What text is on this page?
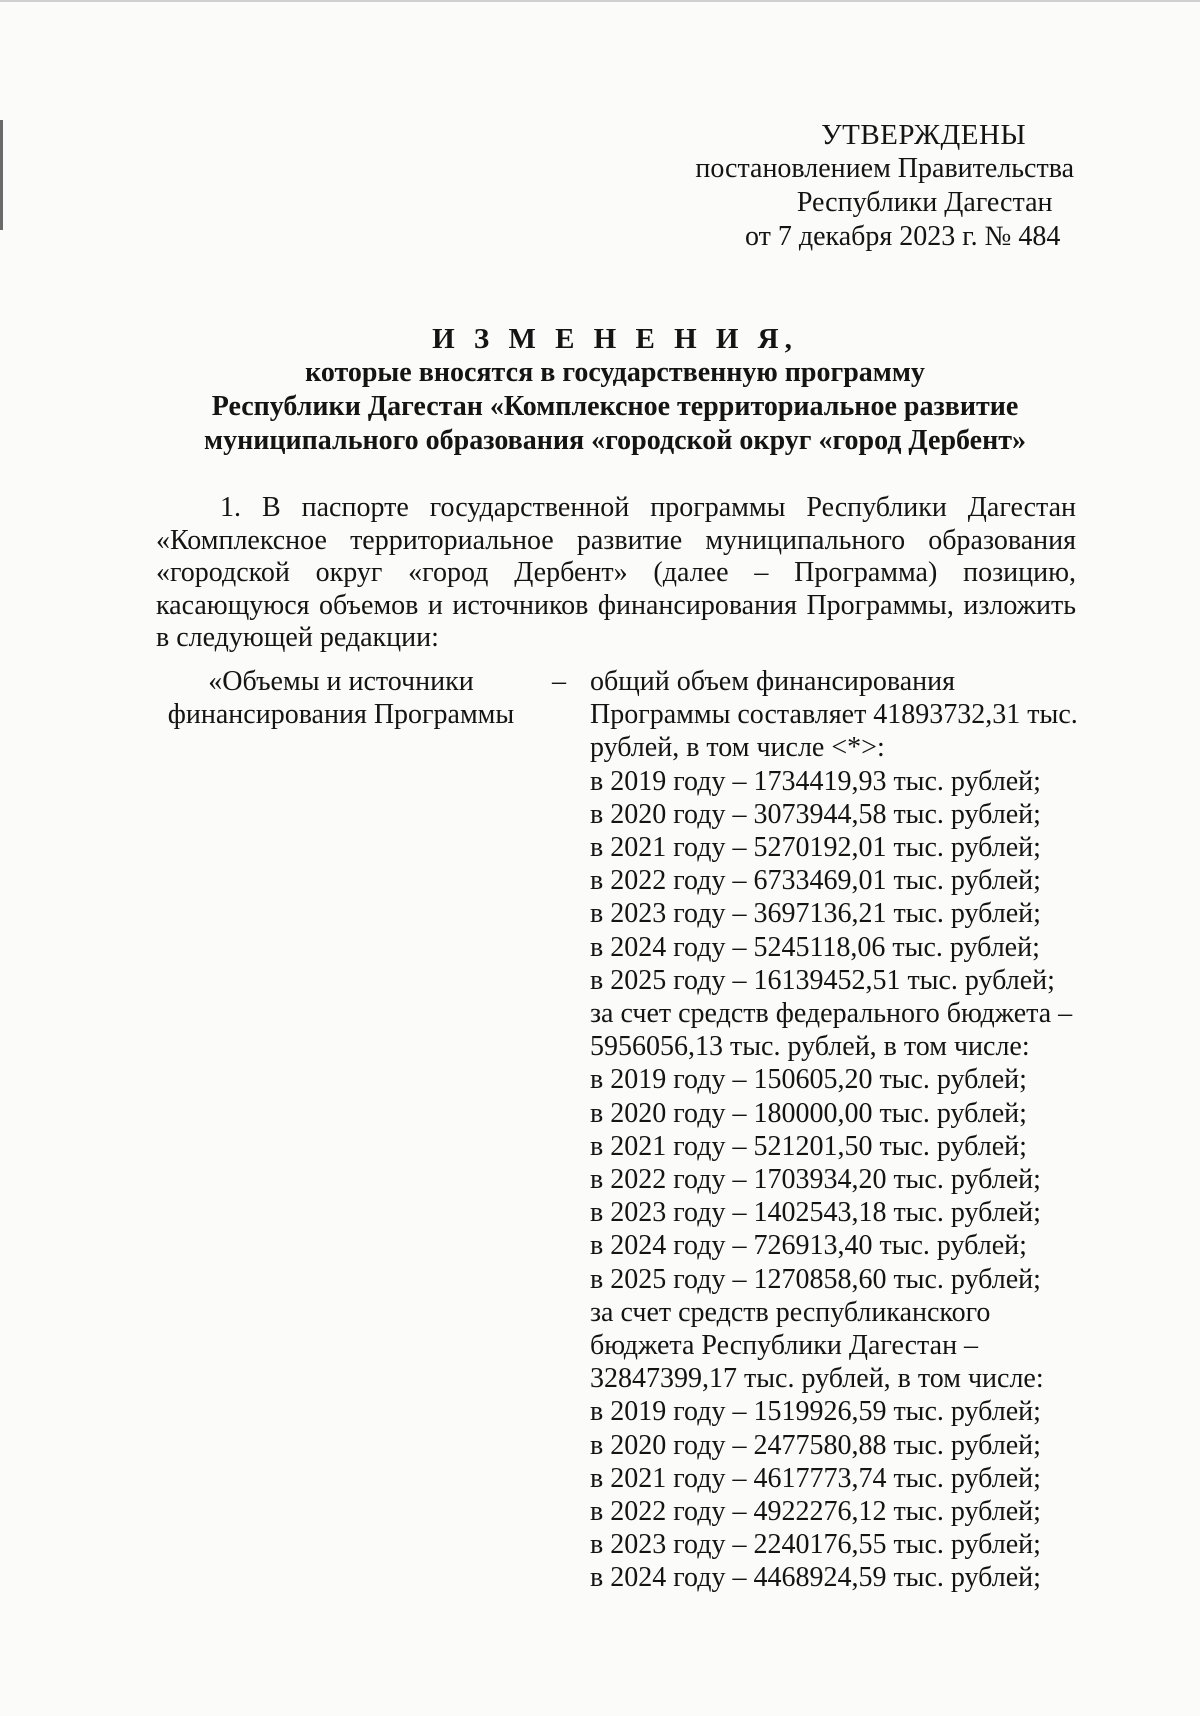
УТВЕРЖДЕНЫ
постановлением Правительства
Республики Дагестан
от 7 декабря 2023 г. № 484
И З М Е Н Е Н И Я,
которые вносятся в государственную программу
Республики Дагестан «Комплексное территориальное развитие
муниципального образования «городской округ «город Дербент»
1. В паспорте государственной программы Республики Дагестан
«Комплексное территориальное развитие муниципального образования
«городской округ «город Дербент» (далее – Программа) позицию,
касающуюся объемов и источников финансирования Программы, изложить
в следующей редакции:
«Объемы и источники
финансирования Программы
– общий объем финансирования
Программы составляет 41893732,31 тыс.
рублей, в том числе <*>:
в 2019 году – 1734419,93 тыс. рублей;
в 2020 году – 3073944,58 тыс. рублей;
в 2021 году – 5270192,01 тыс. рублей;
в 2022 году – 6733469,01 тыс. рублей;
в 2023 году – 3697136,21 тыс. рублей;
в 2024 году – 5245118,06 тыс. рублей;
в 2025 году – 16139452,51 тыс. рублей;
за счет средств федерального бюджета –
5956056,13 тыс. рублей, в том числе:
в 2019 году – 150605,20 тыс. рублей;
в 2020 году – 180000,00 тыс. рублей;
в 2021 году – 521201,50 тыс. рублей;
в 2022 году – 1703934,20 тыс. рублей;
в 2023 году – 1402543,18 тыс. рублей;
в 2024 году – 726913,40 тыс. рублей;
в 2025 году – 1270858,60 тыс. рублей;
за счет средств республиканского
бюджета Республики Дагестан –
32847399,17 тыс. рублей, в том числе:
в 2019 году – 1519926,59 тыс. рублей;
в 2020 году – 2477580,88 тыс. рублей;
в 2021 году – 4617773,74 тыс. рублей;
в 2022 году – 4922276,12 тыс. рублей;
в 2023 году – 2240176,55 тыс. рублей;
в 2024 году – 4468924,59 тыс. рублей;
